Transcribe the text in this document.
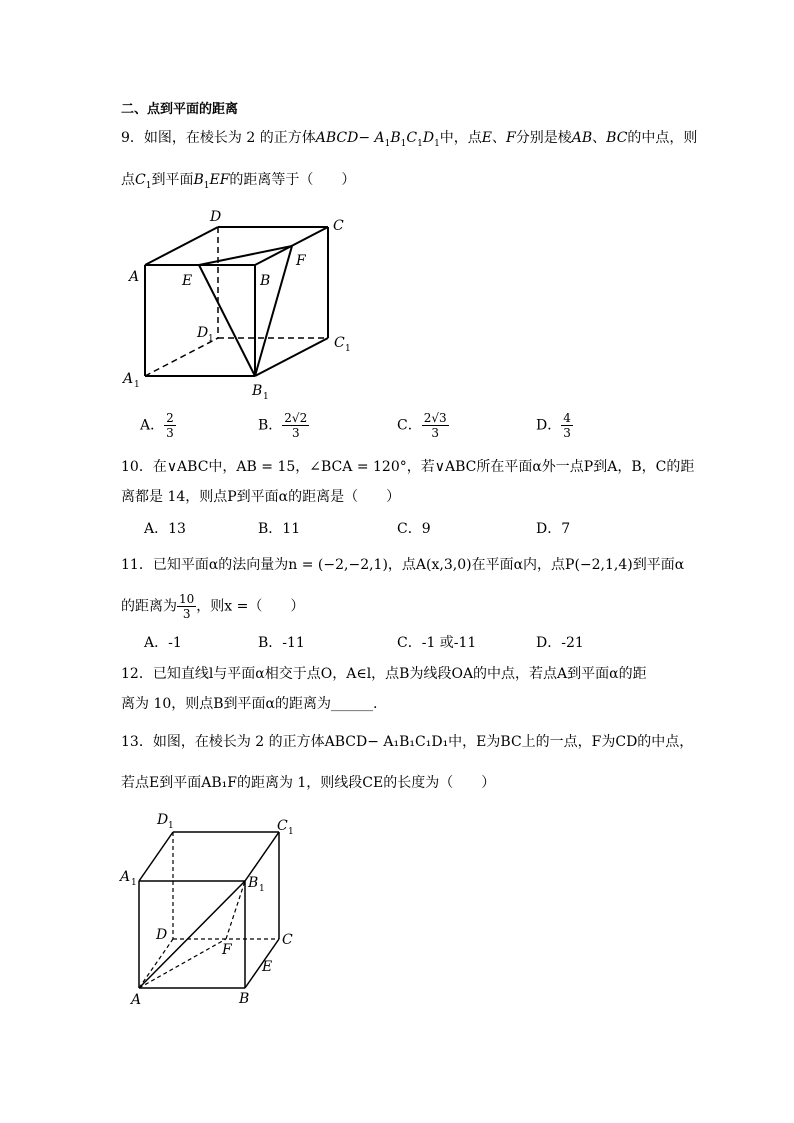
二、点到平面的距离
9．如图，在棱长为 2 的正方体ABCD− $A_1B_1C_1D_1$中，点E、F分别是棱AB、BC的中点，则
点$C_1$到平面$B_1EF$的距离等于（　　）
D
C
A	E	B
F
D 1	C 1
A 1	B 1
A． $\frac{2}{3}$	B． $\frac{2√2}{3}$	C． $\frac{2√3}{3}$	D． $\frac{4}{3}$
10．在∨ABC中，AB = 15，∠BCA = 120°，若∨ABC所在平面α外一点P到A，B，C的距
离都是 14，则点P到平面α的距离是（　　）
A．13	B．11	C．9	D．7
11．已知平面α的法向量为n = (−2,−2,1)，点A(x,3,0)在平面α内，点P(−2,1,4)到平面α
的距离为 $\frac{10}{3}$ ，则x =（　　）
A．-1	B．-11	C．-1 或-11	D．-21
12．已知直线l与平面α相交于点O，A∈l，点B为线段OA的中点，若点A到平面α的距
离为 10，则点B到平面α的距离为______.
13．如图，在棱长为 2 的正方体ABCD− A₁B₁C₁D₁中，E为BC上的一点，F为CD的中点，
若点E到平面AB₁F的距离为 1，则线段CE的长度为（　　）
D 1	C 1
A 1	B 1
D	C
F
E
A	B
